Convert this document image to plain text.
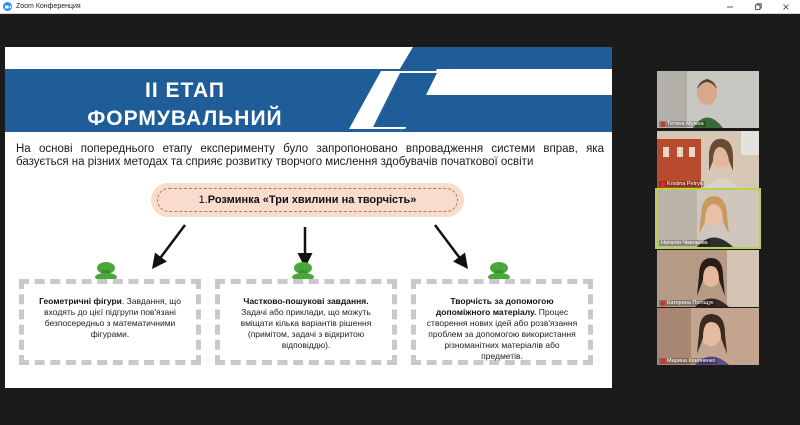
Zoom Конференция
II ЕТАП
ФОРМУВАЛЬНИЙ
На основі попереднього етапу експерименту було запропоновано впровадження системи вправ, яка базується на різних методах та сприяє розвитку творчого мислення здобувачів початкової освіти
1. Розминка «Три хвилини на творчість»
Геометричні фігури. Завдання, що входять до цієї підгрупи пов'язані безпосередньо з математичними фігурами.
Частково-пошукові завдання.
Задачі або приклади, що можуть вміщати кілька варіантів рішення (примітом, задачі з відкритою відповіддю).
Творчість за допомогою допоміжного матеріалу. Процес створення нових ідей або розв'язання проблем за допомогою використання різноманітних матеріалів або предметів.
Тетяна Мухіна
Kristina Petryk
Наталія Чмельова
Катерина Поліщук
Марина Кононенко
